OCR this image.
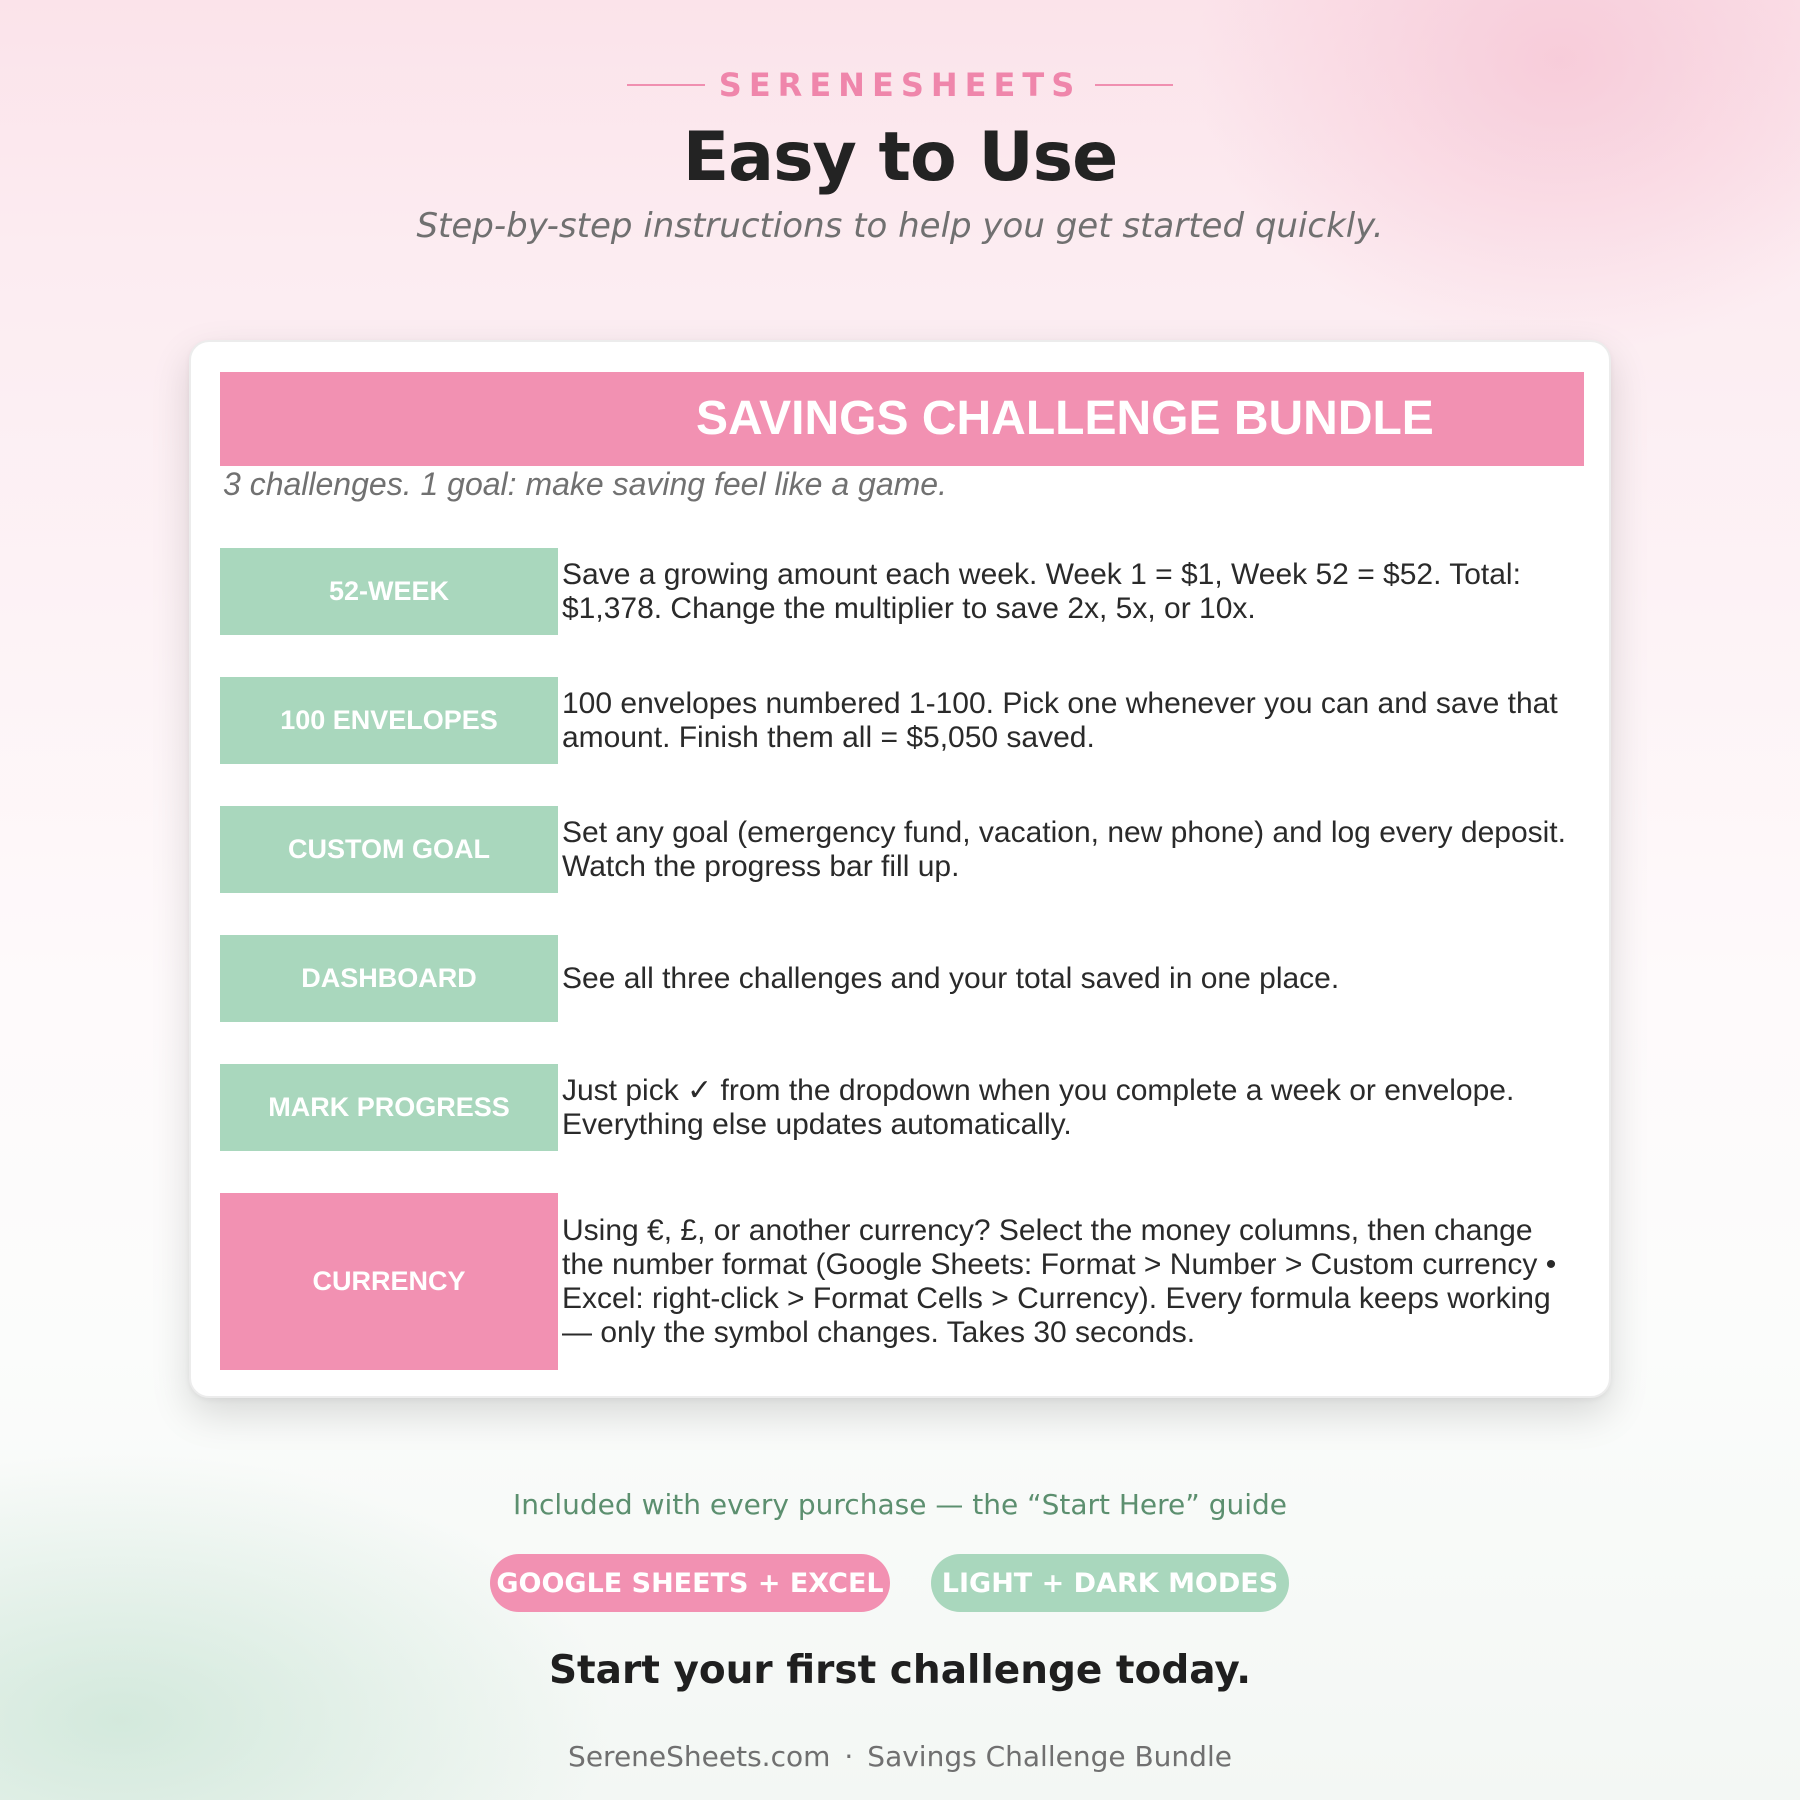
SERENESHEETS
Easy to Use
Step-by-step instructions to help you get started quickly.
SAVINGS CHALLENGE BUNDLE
3 challenges. 1 goal: make saving feel like a game.
52-WEEK
Save a growing amount each week. Week 1 = $1, Week 52 = $52. Total: $1,378. Change the multiplier to save 2x, 5x, or 10x.
100 ENVELOPES
100 envelopes numbered 1-100. Pick one whenever you can and save that amount. Finish them all = $5,050 saved.
CUSTOM GOAL
Set any goal (emergency fund, vacation, new phone) and log every deposit. Watch the progress bar fill up.
DASHBOARD	See all three challenges and your total saved in one place.
MARK PROGRESS
Just pick ✓ from the dropdown when you complete a week or envelope. Everything else updates automatically.
CURRENCY
Using €, £, or another currency? Select the money columns, then change the number format (Google Sheets: Format > Number > Custom currency • Excel: right-click > Format Cells > Currency). Every formula keeps working — only the symbol changes. Takes 30 seconds.
Included with every purchase — the “Start Here” guide
GOOGLE SHEETS + EXCEL	LIGHT + DARK MODES
Start your first challenge today.
SereneSheets.com · Savings Challenge Bundle
